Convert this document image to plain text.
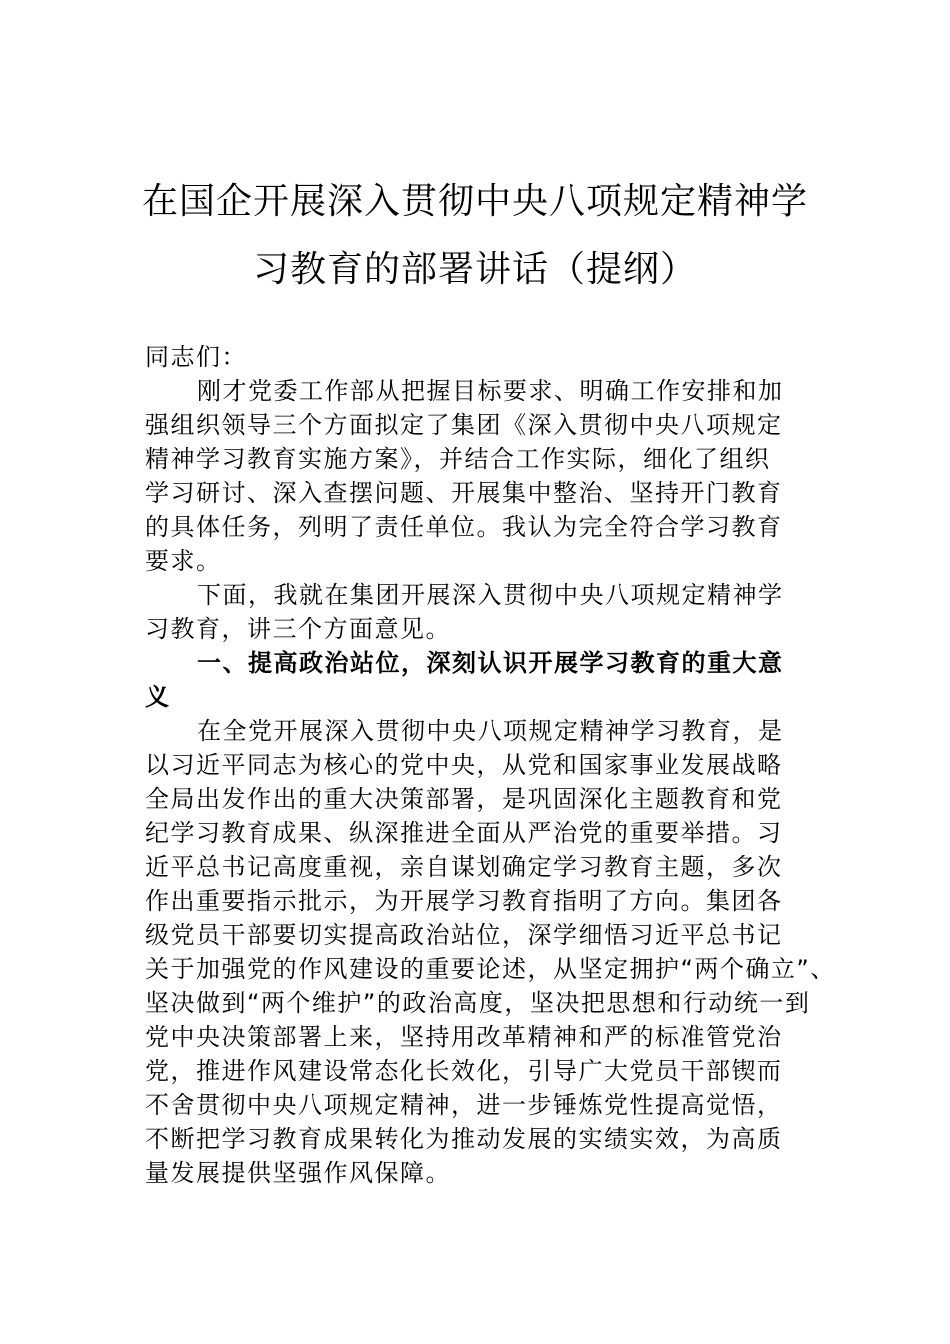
在国企开展深入贯彻中央八项规定精神学
习教育的部署讲话（提纲）
同志们：
刚才党委工作部从把握目标要求、明确工作安排和加
强组织领导三个方面拟定了集团《深入贯彻中央八项规定
精神学习教育实施方案》，并结合工作实际，细化了组织
学习研讨、深入查摆问题、开展集中整治、坚持开门教育
的具体任务，列明了责任单位。我认为完全符合学习教育
要求。
下面，我就在集团开展深入贯彻中央八项规定精神学
习教育，讲三个方面意见。
一、提高政治站位，深刻认识开展学习教育的重大意
义
在全党开展深入贯彻中央八项规定精神学习教育，是
以习近平同志为核心的党中央，从党和国家事业发展战略
全局出发作出的重大决策部署，是巩固深化主题教育和党
纪学习教育成果、纵深推进全面从严治党的重要举措。习
近平总书记高度重视，亲自谋划确定学习教育主题，多次
作出重要指示批示，为开展学习教育指明了方向。集团各
级党员干部要切实提高政治站位，深学细悟习近平总书记
关于加强党的作风建设的重要论述，从坚定拥护“两个确立”、
坚决做到“两个维护”的政治高度，坚决把思想和行动统一到
党中央决策部署上来，坚持用改革精神和严的标准管党治
党，推进作风建设常态化长效化，引导广大党员干部锲而
不舍贯彻中央八项规定精神，进一步锤炼党性提高觉悟，
不断把学习教育成果转化为推动发展的实绩实效，为高质
量发展提供坚强作风保障。
